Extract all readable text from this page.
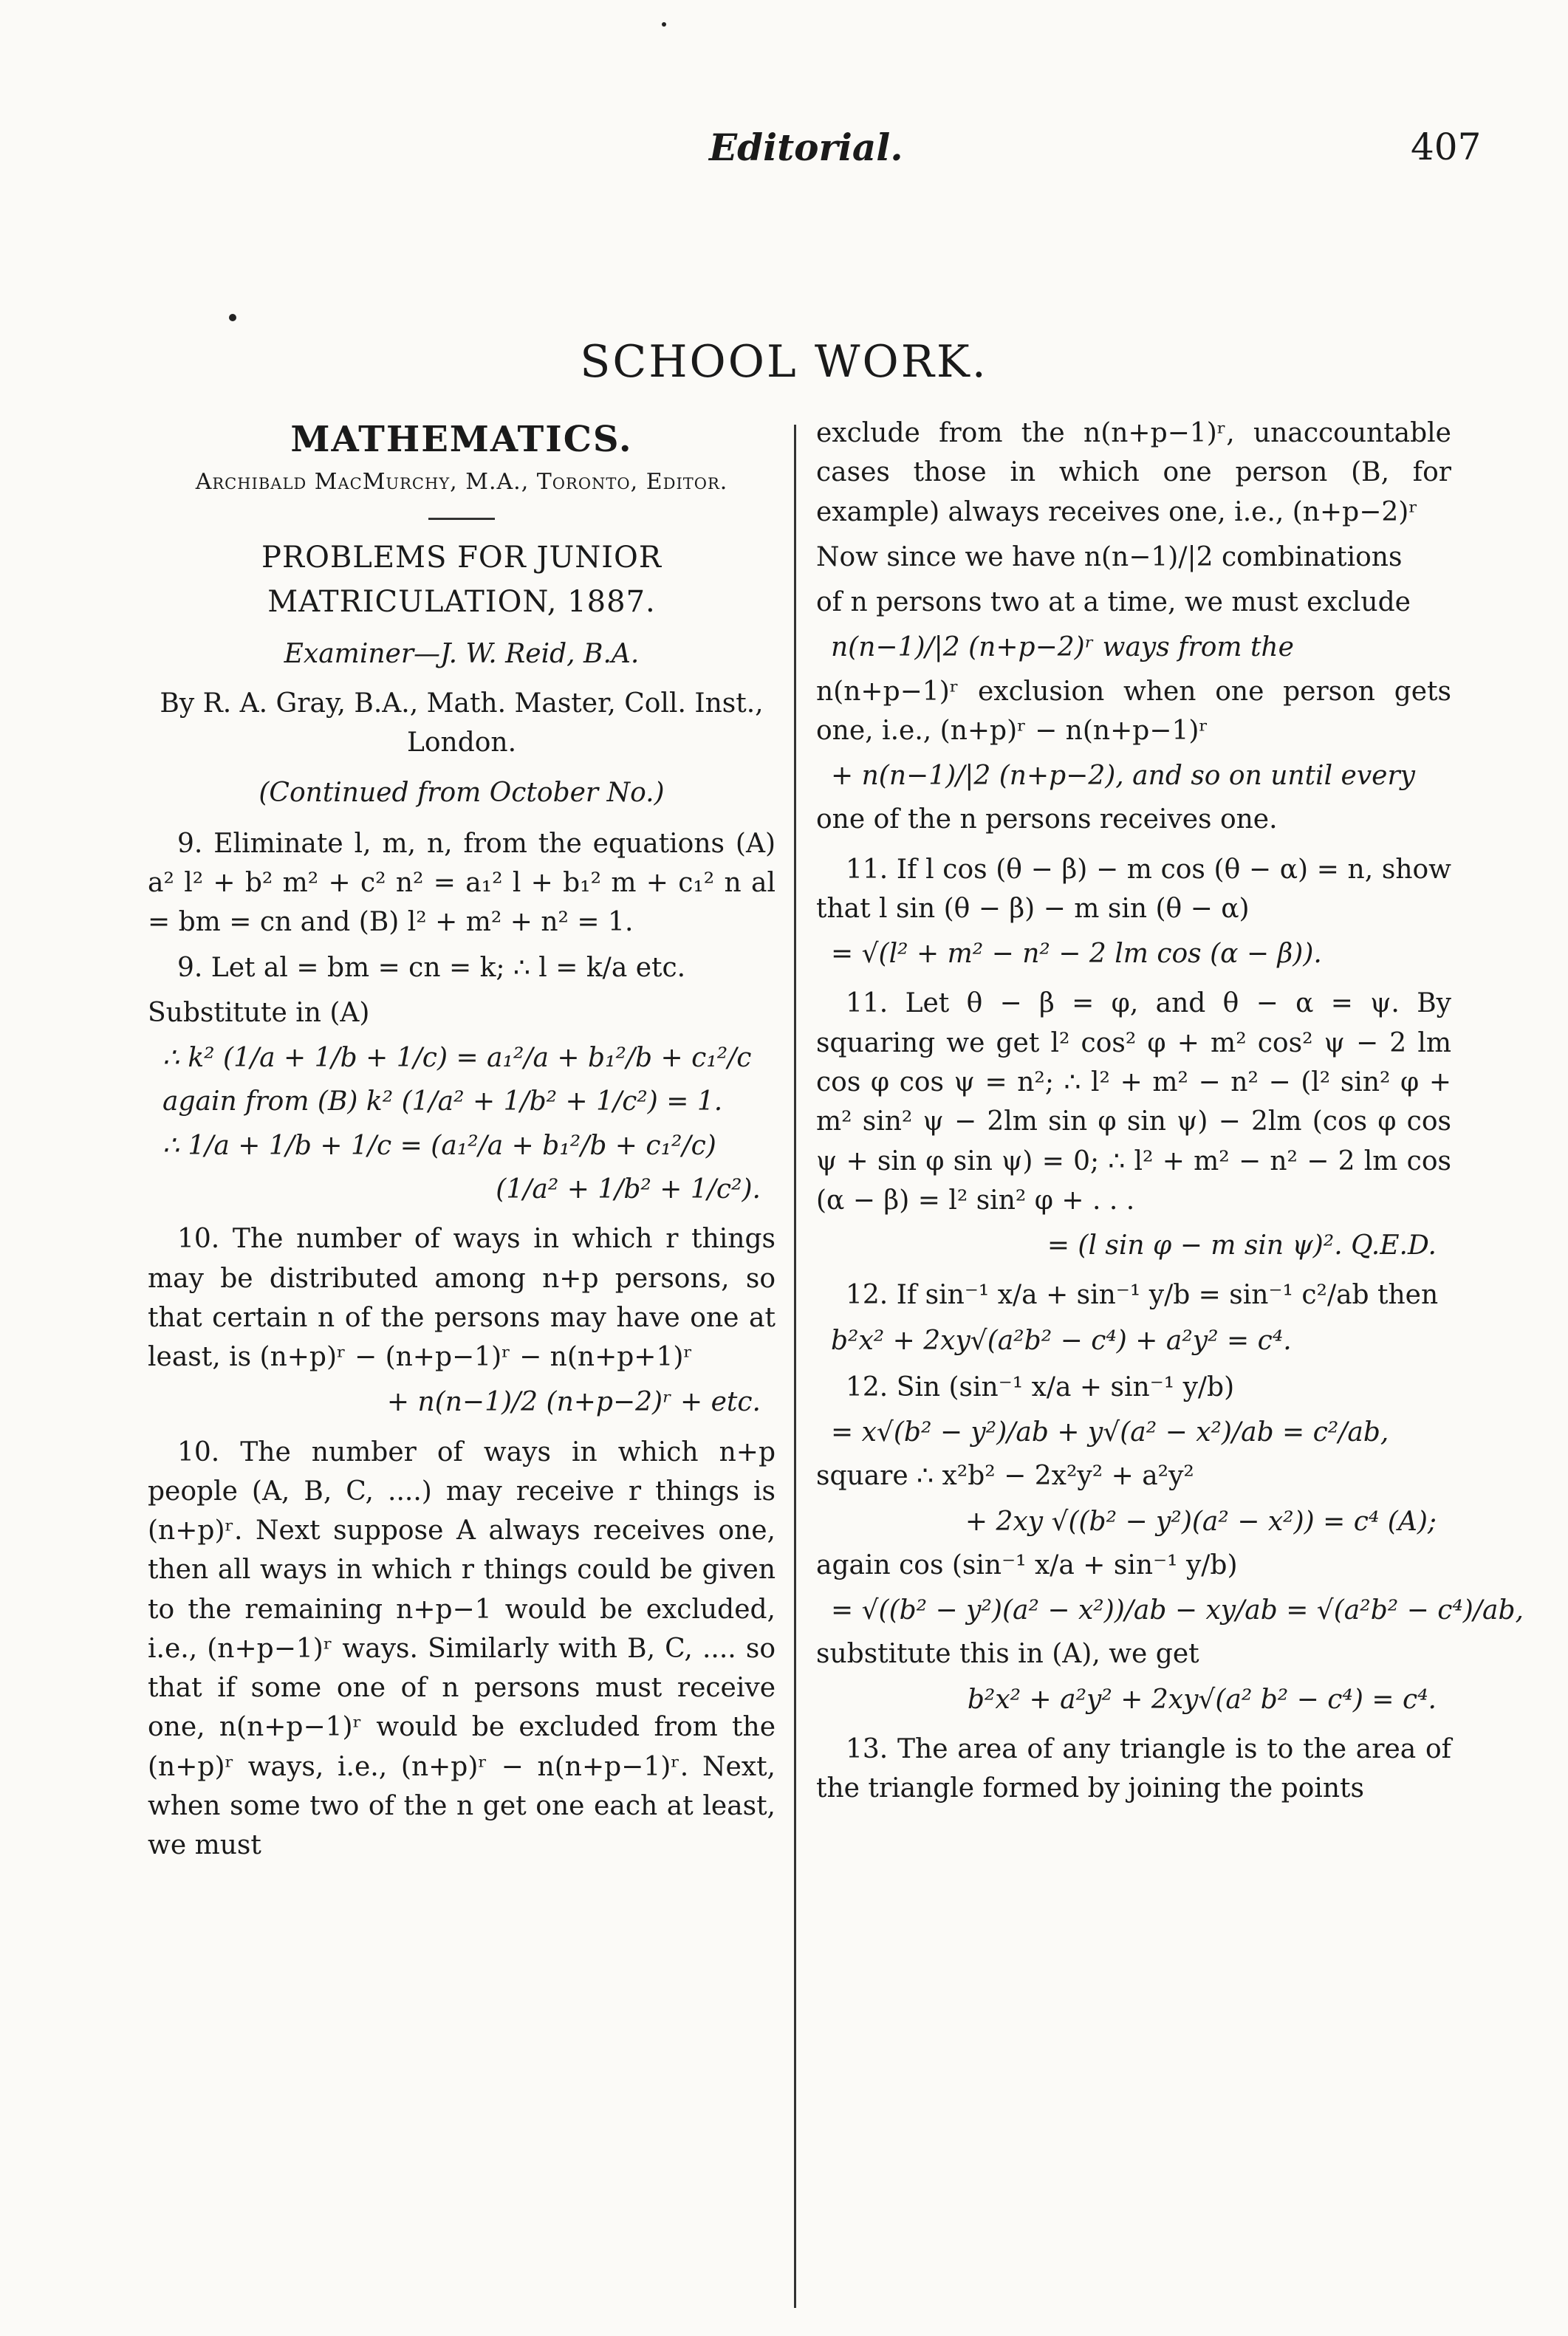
Editorial.	407
SCHOOL WORK.
MATHEMATICS.
Archibald MacMurchy, M.A., Toronto, Editor.
PROBLEMS FOR JUNIOR MATRICULATION, 1887.
Examiner—J. W. Reid, B.A.
By R. A. Gray, B.A., Math. Master, Coll. Inst., London.
(Continued from October No.)

9. Eliminate l, m, n, from the equations (A) a² l² + b² m² + c² n² = a₁² l + b₁² m + c₁² n al = bm = cn and (B) l² + m² + n² = 1.

9. Let al = bm = cn = k; ∴ l = k/a etc.

Substitute in (A)

∴ k² (1/a + 1/b + 1/c) = a₁²/a + b₁²/b + c₁²/c
again from (B) k² (1/a² + 1/b² + 1/c²) = 1.
∴ 1/a + 1/b + 1/c = (a₁²/a + b₁²/b + c₁²/c)
(1/a² + 1/b² + 1/c²).

10. The number of ways in which r things may be distributed among n+p persons, so that certain n of the persons may have one at least, is (n+p)ʳ − (n+p−1)ʳ − n(n+p+1)ʳ

+ n(n−1)/2 (n+p−2)ʳ + etc.

10. The number of ways in which n+p people (A, B, C, ....) may receive r things is (n+p)ʳ. Next suppose A always receives one, then all ways in which r things could be given to the remaining n+p−1 would be excluded, i.e., (n+p−1)ʳ ways. Similarly with B, C, .... so that if some one of n persons must receive one, n(n+p−1)ʳ would be excluded from the (n+p)ʳ ways, i.e., (n+p)ʳ − n(n+p−1)ʳ. Next, when some two of the n get one each at least, we must

exclude from the n(n+p−1)ʳ, unaccountable cases those in which one person (B, for example) always receives one, i.e., (n+p−2)ʳ

Now since we have n(n−1)/|2 combinations

of n persons two at a time, we must exclude

n(n−1)/|2 (n+p−2)ʳ ways from the

n(n+p−1)ʳ exclusion when one person gets one, i.e., (n+p)ʳ − n(n+p−1)ʳ

+ n(n−1)/|2 (n+p−2), and so on until every

one of the n persons receives one.

11. If l cos (θ − β) − m cos (θ − α) = n, show that l sin (θ − β) − m sin (θ − α)

= √(l² + m² − n² − 2 lm cos (α − β)).

11. Let θ − β = φ, and θ − α = ψ. By squaring we get l² cos² φ + m² cos² ψ − 2 lm cos φ cos ψ = n²; ∴ l² + m² − n² − (l² sin² φ + m² sin² ψ − 2lm sin φ sin ψ) − 2lm (cos φ cos ψ + sin φ sin ψ) = 0; ∴ l² + m² − n² − 2 lm cos (α − β) = l² sin² φ + . . .

= (l sin φ − m sin ψ)². Q.E.D.

12. If sin⁻¹ x/a + sin⁻¹ y/b = sin⁻¹ c²/ab then

b²x² + 2xy√(a²b² − c⁴) + a²y² = c⁴.

12. Sin (sin⁻¹ x/a + sin⁻¹ y/b)

= x√(b² − y²)/ab + y√(a² − x²)/ab = c²/ab,

square ∴ x²b² − 2x²y² + a²y²

+ 2xy √((b² − y²)(a² − x²)) = c⁴ (A);

again cos (sin⁻¹ x/a + sin⁻¹ y/b)

= √((b² − y²)(a² − x²))/ab − xy/ab = √(a²b² − c⁴)/ab,

substitute this in (A), we get

b²x² + a²y² + 2xy√(a² b² − c⁴) = c⁴.

13. The area of any triangle is to the area of the triangle formed by joining the points
